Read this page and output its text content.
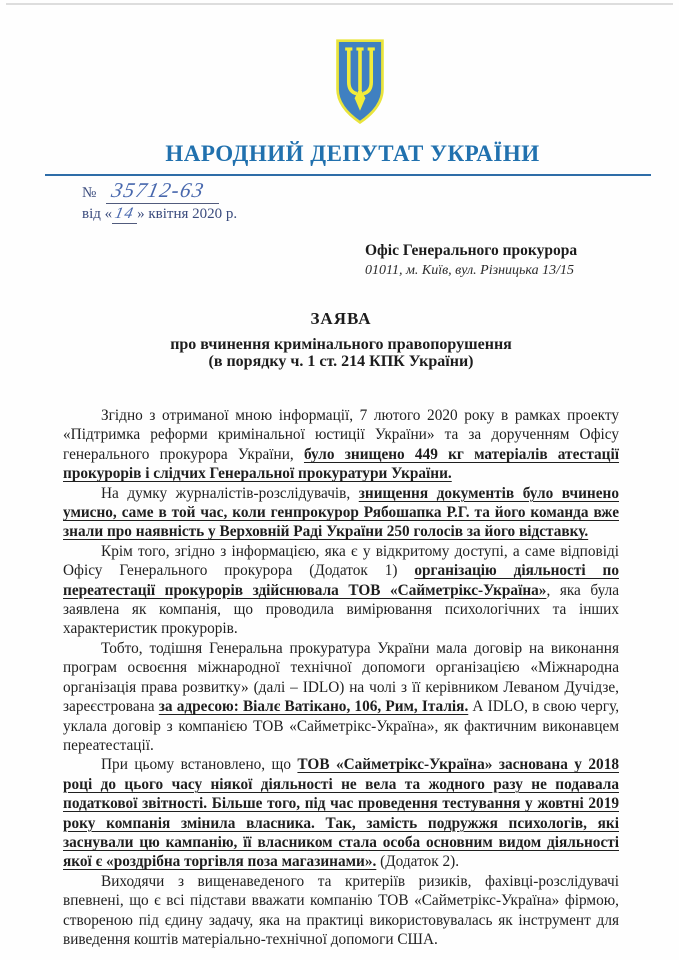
НАРОДНИЙ ДЕПУТАТ УКРАЇНИ
№ 35712-63
від «14» квітня 2020 р.
Офіс Генерального прокурора
01011, м. Київ, вул. Різницька 13/15
ЗАЯВА
про вчинення кримінального правопорушення
(в порядку ч. 1 ст. 214 КПК України)

Згідно з отриманої мною інформації, 7 лютого 2020 року в рамках проекту «Підтримка реформи кримінальної юстиції України» та за дорученням Офісу генерального прокурора України, було знищено 449 кг матеріалів атестації прокурорів і слідчих Генеральної прокуратури України.

На думку журналістів-розслідувачів, знищення документів було вчинено умисно, саме в той час, коли генпрокурор Рябошапка Р.Г. та його команда вже знали про наявність у Верховній Раді України 250 голосів за його відставку.

Крім того, згідно з інформацією, яка є у відкритому доступі, а саме відповіді Офісу Генерального прокурора (Додаток 1) організацію діяльності по переатестації прокурорів здійснювала ТОВ «Сайметрікс-Україна», яка була заявлена як компанія, що проводила вимірювання психологічних та інших характеристик прокурорів.

Тобто, тодішня Генеральна прокуратура України мала договір на виконання програм освоєння міжнародної технічної допомоги організацією «Міжнародна організація права розвитку» (далі – IDLO) на чолі з її керівником Леваном Дучідзе, зареєстрована за адресою: Віалє Ватікано, 106, Рим, Італія. А IDLO, в свою чергу, уклала договір з компанією ТОВ «Сайметрікс-Україна», як фактичним виконавцем переатестації.

При цьому встановлено, що ТОВ «Сайметрікс-Україна» заснована у 2018 році до цього часу ніякої діяльності не вела та жодного разу не подавала податкової звітності. Більше того, під час проведення тестування у жовтні 2019 року компанія змінила власника. Так, замість подружжя психологів, які заснували цю кампанію, її власником стала особа основним видом діяльності якої є «роздрібна торгівля поза магазинами». (Додаток 2).

Виходячи з вищенаведеного та критеріїв ризиків, фахівці-розслідувачі впевнені, що є всі підстави вважати компанію ТОВ «Сайметрікс-Україна» фірмою, створеною під єдину задачу, яка на практиці використовувалась як інструмент для виведення коштів матеріально-технічної допомоги США.
